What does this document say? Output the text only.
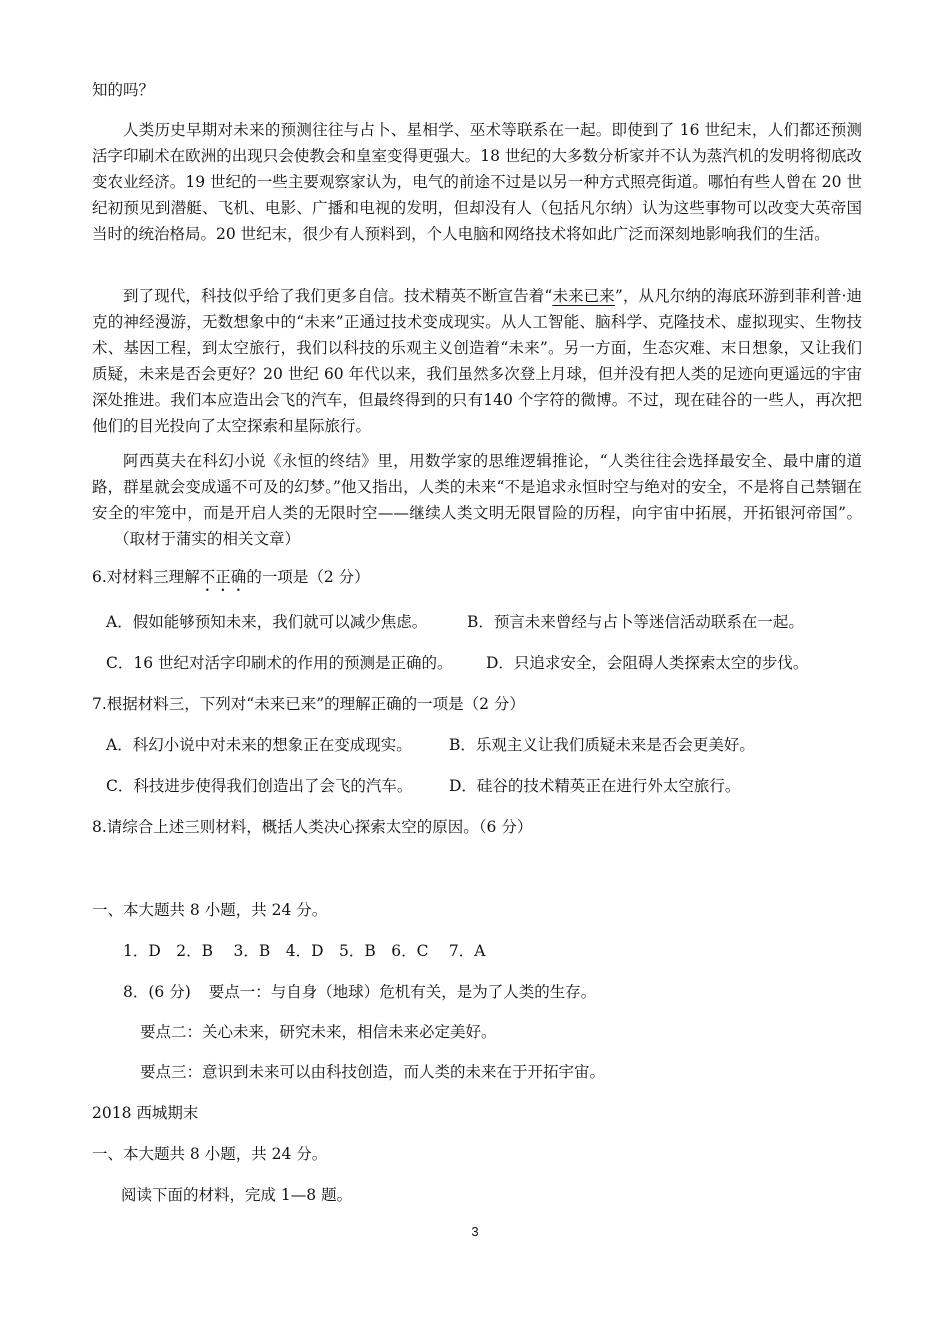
知的吗？
人类历史早期对未来的预测往往与占卜、星相学、巫术等联系在一起。即使到了 16 世纪末，人们都还预测活字印刷术在欧洲的出现只会使教会和皇室变得更强大。18 世纪的大多数分析家并不认为蒸汽机的发明将彻底改变农业经济。19 世纪的一些主要观察家认为，电气的前途不过是以另一种方式照亮街道。哪怕有些人曾在 20 世纪初预见到潜艇、飞机、电影、广播和电视的发明，但却没有人（包括凡尔纳）认为这些事物可以改变大英帝国当时的统治格局。20 世纪末，很少有人预料到，个人电脑和网络技术将如此广泛而深刻地影响我们的生活。
到了现代，科技似乎给了我们更多自信。技术精英不断宣告着“未来已来”，从凡尔纳的海底环游到菲利普·迪克的神经漫游，无数想象中的“未来”正通过技术变成现实。从人工智能、脑科学、克隆技术、虚拟现实、生物技术、基因工程，到太空旅行，我们以科技的乐观主义创造着“未来”。另一方面，生态灾难、末日想象，又让我们质疑，未来是否会更好？20 世纪 60 年代以来，我们虽然多次登上月球，但并没有把人类的足迹向更遥远的宇宙深处推进。我们本应造出会飞的汽车，但最终得到的只有140 个字符的微博。不过，现在硅谷的一些人，再次把他们的目光投向了太空探索和星际旅行。
阿西莫夫在科幻小说《永恒的终结》里，用数学家的思维逻辑推论，“人类往往会选择最安全、最中庸的道路，群星就会变成遥不可及的幻梦。”他又指出，人类的未来“不是追求永恒时空与绝对的安全，不是将自己禁锢在安全的牢笼中，而是开启人类的无限时空——继续人类文明无限冒险的历程，向宇宙中拓展，开拓银河帝国”。（取材于蒲实的相关文章）
6.对材料三理解不正确的一项是（2 分）
A．假如能够预知未来，我们就可以减少焦虑。	B．预言未来曾经与占卜等迷信活动联系在一起。
C．16 世纪对活字印刷术的作用的预测是正确的。 D．只追求安全，会阻碍人类探索太空的步伐。
7.根据材料三，下列对“未来已来”的理解正确的一项是（2 分）
A．科幻小说中对未来的想象正在变成现实。 B．乐观主义让我们质疑未来是否会更美好。
C．科技进步使得我们创造出了会飞的汽车。 D．硅谷的技术精英正在进行外太空旅行。
8.请综合上述三则材料，概括人类决心探索太空的原因。（6 分）
一、本大题共 8 小题，共 24 分。
1．D　2．B　 3．B　4．D　5．B　6．C　 7．A
8．(6 分) 要点一：与自身（地球）危机有关，是为了人类的生存。
要点二：关心未来，研究未来，相信未来必定美好。
要点三：意识到未来可以由科技创造，而人类的未来在于开拓宇宙。
2018 西城期末
一、本大题共 8 小题，共 24 分。
阅读下面的材料，完成 1—8 题。
3
